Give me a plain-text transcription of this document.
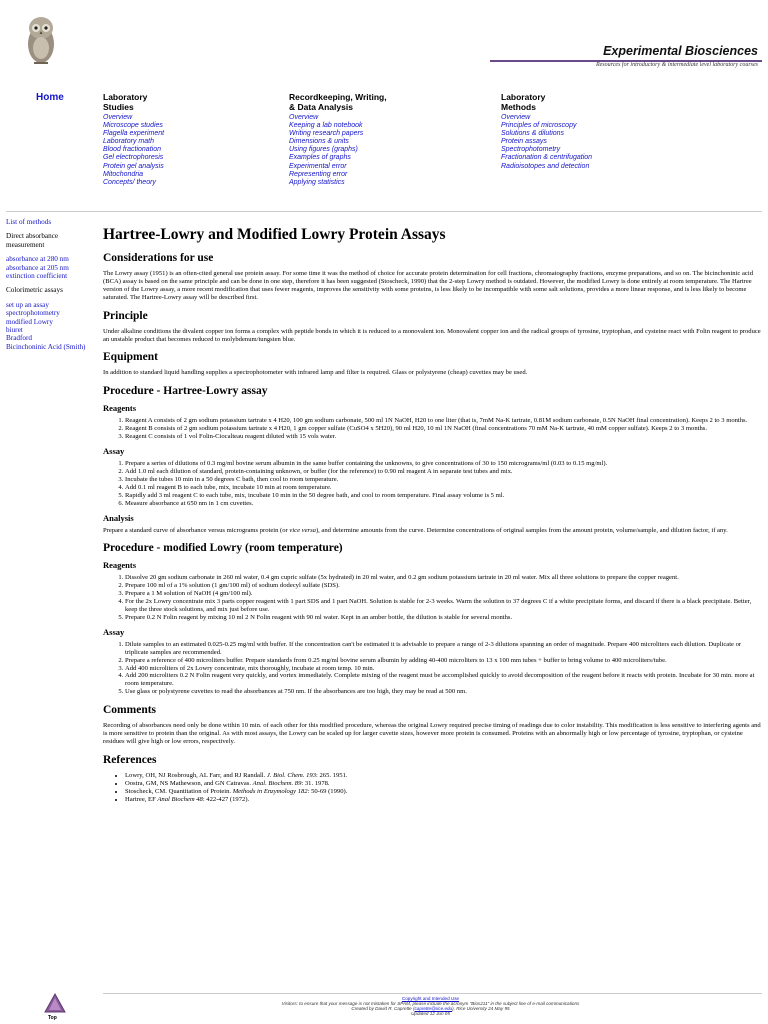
Experimental Biosciences
Resources for introductory & intermediate level laboratory courses
Home	Laboratory
Studies
Overview
Microscope studies
Flagella experiment
Laboratory math
Blood fractionation
Gel electrophoresis
Protein gel analysis
Mitochondria
Concepts/ theory
Recordkeeping, Writing,
& Data Analysis
Overview
Keeping a lab notebook
Writing research papers
Dimensions & units
Using figures (graphs)
Examples of graphs
Experimental error
Representing error
Applying statistics
Laboratory
Methods
Overview
Principles of microscopy
Solutions & dilutions
Protein assays
Spectrophotometry
Fractionation & centrifugation
Radioisotopes and detection
List of methods
Direct absorbance measurement
absorbance at 280 nm
absorbance at 205 nm
extinction coefficient
Colorimetric assays
set up an assay
spectrophotometry
modified Lowry
biuret
Bradford
Bicinchoninic Acid (Smith)
Hartree-Lowry and Modified Lowry Protein Assays
Considerations for use

The Lowry assay (1951) is an often-cited general use protein assay. For some time it was the method of choice for accurate protein determination for cell fractions, chromatography fractions, enzyme preparations, and so on. The bicinchoninic acid (BCA) assay is based on the same principle and can be done in one step, therefore it has been suggested (Stoscheck, 1990) that the 2-step Lowry method is outdated. However, the modified Lowry is done entirely at room temperature. The Hartree version of the Lowry assay, a more recent modification that uses fewer reagents, improves the sensitivity with some proteins, is less likely to be incompatible with some salt solutions, provides a more linear response, and is less likely to become saturated. The Hartree-Lowry assay will be described first.

Principle

Under alkaline conditions the divalent copper ion forms a complex with peptide bonds in which it is reduced to a monovalent ion. Monovalent copper ion and the radical groups of tyrosine, tryptophan, and cysteine react with Folin reagent to produce an unstable product that becomes reduced to molybdenum/tungsten blue.

Equipment

In addition to standard liquid handling supplies a spectrophotometer with infrared lamp and filter is required. Glass or polystyrene (cheap) cuvettes may be used.

Procedure - Hartree-Lowry assay
Reagents
1. Reagent A consists of 2 gm sodium potassium tartrate x 4 H20, 100 gm sodium carbonate, 500 ml 1N NaOH, H20 to one liter (that is, 7mM Na-K tartrate, 0.81M sodium carbonate, 0.5N NaOH final concentration). Keeps 2 to 3 months.
2. Reagent B consists of 2 gm sodium potassium tartrate x 4 H20, 1 gm copper sulfate (CuSO4 x 5H20), 90 ml H20, 10 ml 1N NaOH (final concentrations 70 mM Na-K tartrate, 40 mM copper sulfate). Keeps 2 to 3 months.
3. Reagent C consists of 1 vol Folin-Ciocalteau reagent diluted with 15 vols water.
Assay
1. Prepare a series of dilutions of 0.3 mg/ml bovine serum albumin in the same buffer containing the unknowns, to give concentrations of 30 to 150 micrograms/ml (0.03 to 0.15 mg/ml).
2. Add 1.0 ml each dilution of standard, protein-containing unknown, or buffer (for the reference) to 0.90 ml reagent A in separate test tubes and mix.
3. Incubate the tubes 10 min in a 50 degrees C bath, then cool to room temperature.
4. Add 0.1 ml reagent B to each tube, mix, incubate 10 min at room temperature.
5. Rapidly add 3 ml reagent C to each tube, mix, incubate 10 min in the 50 degree bath, and cool to room temperature. Final assay volume is 5 ml.
6. Measure absorbance at 650 nm in 1 cm cuvettes.
Analysis

Prepare a standard curve of absorbance versus micrograms protein (or vice versa), and determine amounts from the curve. Determine concentrations of original samples from the amount protein, volume/sample, and dilution factor, if any.

Procedure - modified Lowry (room temperature)
Reagents
1. Dissolve 20 gm sodium carbonate in 260 ml water, 0.4 gm cupric sulfate (5x hydrated) in 20 ml water, and 0.2 gm sodium potassium tartrate in 20 ml water. Mix all three solutions to prepare the copper reagent.
2. Prepare 100 ml of a 1% solution (1 gm/100 ml) of sodium dodecyl sulfate (SDS).
3. Prepare a 1 M solution of NaOH (4 gm/100 ml).
4. For the 2x Lowry concentrate mix 3 parts copper reagent with 1 part SDS and 1 part NaOH. Solution is stable for 2-3 weeks. Warm the solution to 37 degrees C if a white precipitate forms, and discard if there is a black precipitate. Better, keep the three stock solutions, and mix just before use.
5. Prepare 0.2 N Folin reagent by mixing 10 ml 2 N Folin reagent with 90 ml water. Kept in an amber bottle, the dilution is stable for several months.
Assay
1. Dilute samples to an estimated 0.025-0.25 mg/ml with buffer. If the concentration can't be estimated it is advisable to prepare a range of 2-3 dilutions spanning an order of magnitude. Prepare 400 microliters each dilution. Duplicate or triplicate samples are recommended.
2. Prepare a reference of 400 microliters buffer. Prepare standards from 0.25 mg/ml bovine serum albumin by adding 40-400 microliters to 13 x 100 mm tubes + buffer to bring volume to 400 microliters/tube.
3. Add 400 microliters of 2x Lowry concentrate, mix thoroughly, incubate at room temp. 10 min.
4. Add 200 microliters 0.2 N Folin reagent very quickly, and vortex immediately. Complete mixing of the reagent must be accomplished quickly to avoid decomposition of the reagent before it reacts with protein. Incubate for 30 min. more at room temperature.
5. Use glass or polystyrene cuvettes to read the absorbances at 750 nm. If the absorbances are too high, they may be read at 500 nm.
Comments

Recording of absorbances need only be done within 10 min. of each other for this modified procedure, whereas the original Lowry required precise timing of readings due to color instability. This modification is less sensitive to interfering agents and is more sensitive to protein than the original. As with most assays, the Lowry can be scaled up for larger cuvette sizes, however more protein is consumed. Proteins with an abnormally high or low percentage of tyrosine, tryptophan, or cysteine residues will give high or low errors, respectively.

References
• Lowry, OH, NJ Rosbrough, AL Farr, and RJ Randall. J. Biol. Chem. 193: 265. 1951.
• Oostra, GM, NS Mathewson, and GN Catravas. Anal. Biochem. 89: 31. 1978.
• Stoscheck, CM. Quantitation of Protein. Methods in Enzymology 182: 50-69 (1990).
• Hartree, EF Anal Biochem 48: 422-427 (1972).
Top
Copyright and Intended Use
Visitors: to ensure that your message is not mistaken for SPAM, please include the acronym "Bios211" in the subject line of e-mail communications
Created by David R. Caprette (caprette@rice.edu), Rice University 24 May 95
Updated 12 Jun 05
